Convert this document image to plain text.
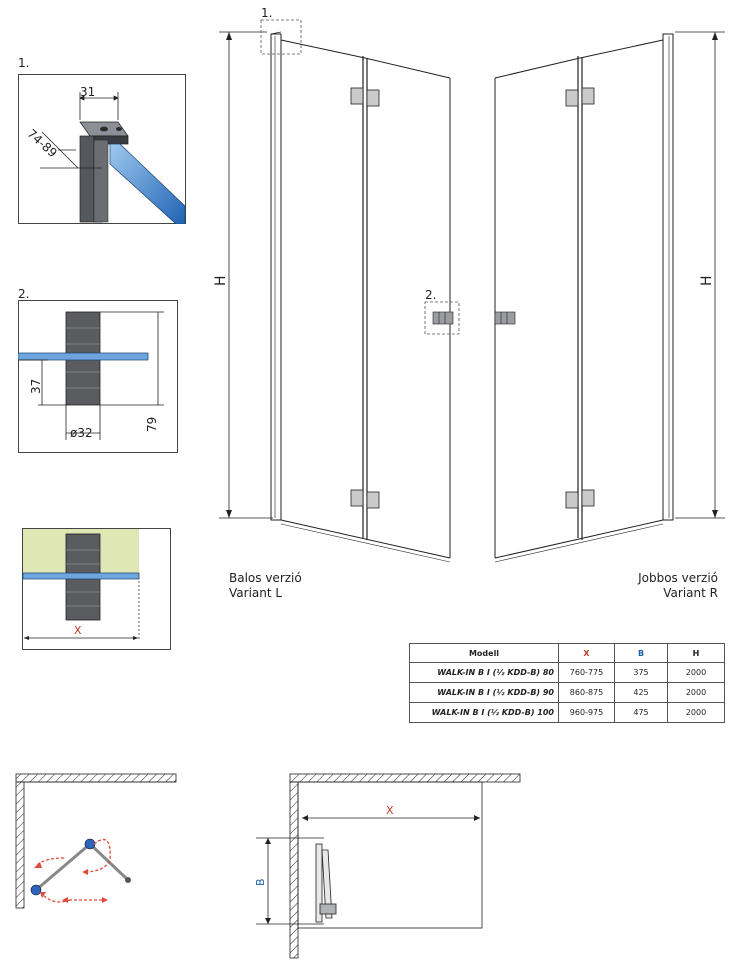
1.
31
74-89
2.
37
79
ø32
X
H	H
1.
2.
Balos verzió
Variant L
Jobbos verzió
Variant R
Modell	X	B	H
WALK-IN B I (½ KDD-B) 80	760-775	375	2000
WALK-IN B I (½ KDD-B) 90	860-875	425	2000
WALK-IN B I (½ KDD-B) 100	960-975	475	2000
X
B
